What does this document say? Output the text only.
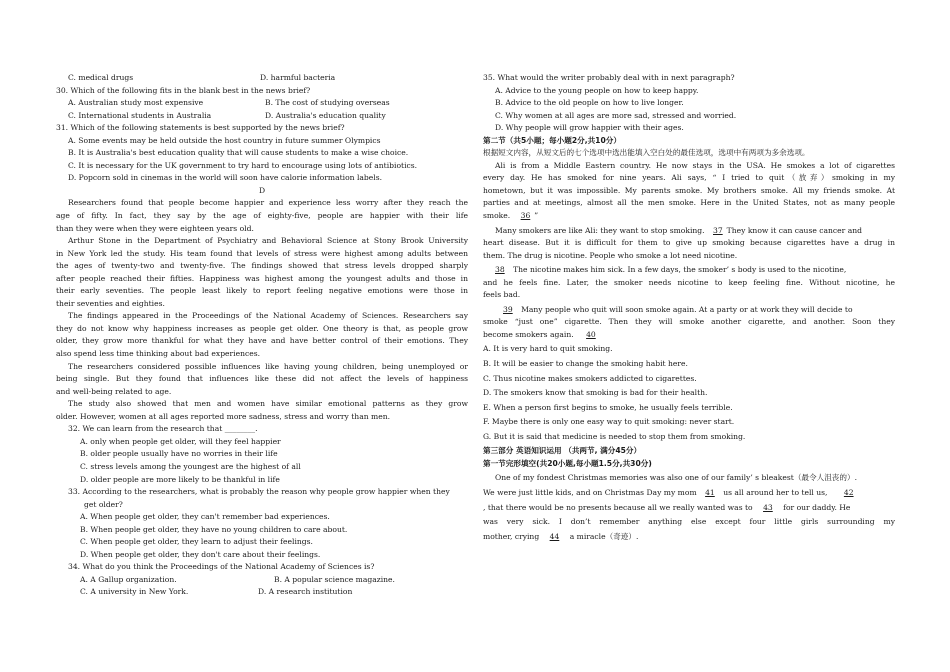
C. medical drugs	D. harmful bacteria
30. Which of the following fits in the blank best in the news brief?
A. Australian study most expensive	B. The cost of studying overseas
C. International students in Australia	D. Australia's education quality
31. Which of the following statements is best supported by the news brief?
A. Some events may be held outside the host country in future summer Olympics
B. It is Australia's best education quality that will cause students to make a wise choice.
C. It is necessary for the UK government to try hard to encourage using lots of antibiotics.
D. Popcorn sold in cinemas in the world will soon have calorie information labels.
D
Researchers found that people become happier and experience less worry after they reach the
age of fifty. In fact, they say by the age of eighty-five, people are happier with their life
than they were when they were eighteen years old.
Arthur Stone in the Department of Psychiatry and Behavioral Science at Stony Brook University
in New York led the study. His team found that levels of stress were highest among adults between
the ages of twenty-two and twenty-five. The findings showed that stress levels dropped sharply
after people reached their fifties. Happiness was highest among the youngest adults and those in
their early seventies. The people least likely to report feeling negative emotions were those in
their seventies and eighties.
The findings appeared in the Proceedings of the National Academy of Sciences. Researchers say
they do not know why happiness increases as people get older. One theory is that, as people grow
older, they grow more thankful for what they have and have better control of their emotions. They
also spend less time thinking about bad experiences.
The researchers considered possible influences like having young children, being unemployed or
being single. But they found that influences like these did not affect the levels of happiness
and well-being related to age.
The study also showed that men and women have similar emotional patterns as they grow
older. However, women at all ages reported more sadness, stress and worry than men.
32. We can learn from the research that ________.
A. only when people get older, will they feel happier
B. older people usually have no worries in their life
C. stress levels among the youngest are the highest of all
D. older people are more likely to be thankful in life
33. According to the researchers, what is probably the reason why people grow happier when they
get older?
A. When people get older, they can't remember bad experiences.
B. When people get older, they have no young children to care about.
C. When people get older, they learn to adjust their feelings.
D. When people get older, they don't care about their feelings.
34. What do you think the Proceedings of the National Academy of Sciences is?
A. A Gallup organization.	B. A popular science magazine.
C. A university in New York.	D. A research institution
35. What would the writer probably deal with in next paragraph?
A. Advice to the young people on how to keep happy.
B. Advice to the old people on how to live longer.
C. Why women at all ages are more sad, stressed and worried.
D. Why people will grow happier with their ages.
第二节（共5小题；每小题2分,共10分）
根据短文内容，从短文后的七个选项中选出能填入空白处的最佳选项，选项中有两项为多余选项。
Ali is from a Middle Eastern country. He now stays in the USA. He smokes a lot of cigarettes
every day. He has smoked for nine years. Ali says, “ I tried to quit（放弃）smoking in my
hometown, but it was impossible. My parents smoke. My brothers smoke. All my friends smoke. At
parties and at meetings, almost all the men smoke. Here in the United States, not as many people
smoke. 36 ”
Many smokers are like Ali: they want to stop smoking. 37 They know it can cause cancer and
heart disease. But it is difficult for them to give up smoking because cigarettes have a drug in
them. The drug is nicotine. People who smoke a lot need nicotine.
38 The nicotine makes him sick. In a few days, the smoker’ s body is used to the nicotine,
and he feels fine. Later, the smoker needs nicotine to keep feeling fine. Without nicotine, he
feels bad.
39 Many people who quit will soon smoke again. At a party or at work they will decide to
smoke “just one” cigarette. Then they will smoke another cigarette, and another. Soon they
become smokers again. 40
A. It is very hard to quit smoking.
B. It will be easier to change the smoking habit here.
C. Thus nicotine makes smokers addicted to cigarettes.
D. The smokers know that smoking is bad for their health.
E. When a person first begins to smoke, he usually feels terrible.
F. Maybe there is only one easy way to quit smoking: never start.
G. But it is said that medicine is needed to stop them from smoking.
第三部分 英语知识运用 （共两节, 满分45分）
第一节完形填空(共20小题,每小题1.5分,共30分)
One of my fondest Christmas memories was also one of our family’ s bleakest（最令人沮丧的）.
We were just little kids, and on Christmas Day my mom 41 us all around her to tell us, 42
, that there would be no presents because all we really wanted was to 43 for our daddy. He
was very sick. I don’t remember anything else except four little girls surrounding my
mother, crying 44 a miracle（奇迹）.
